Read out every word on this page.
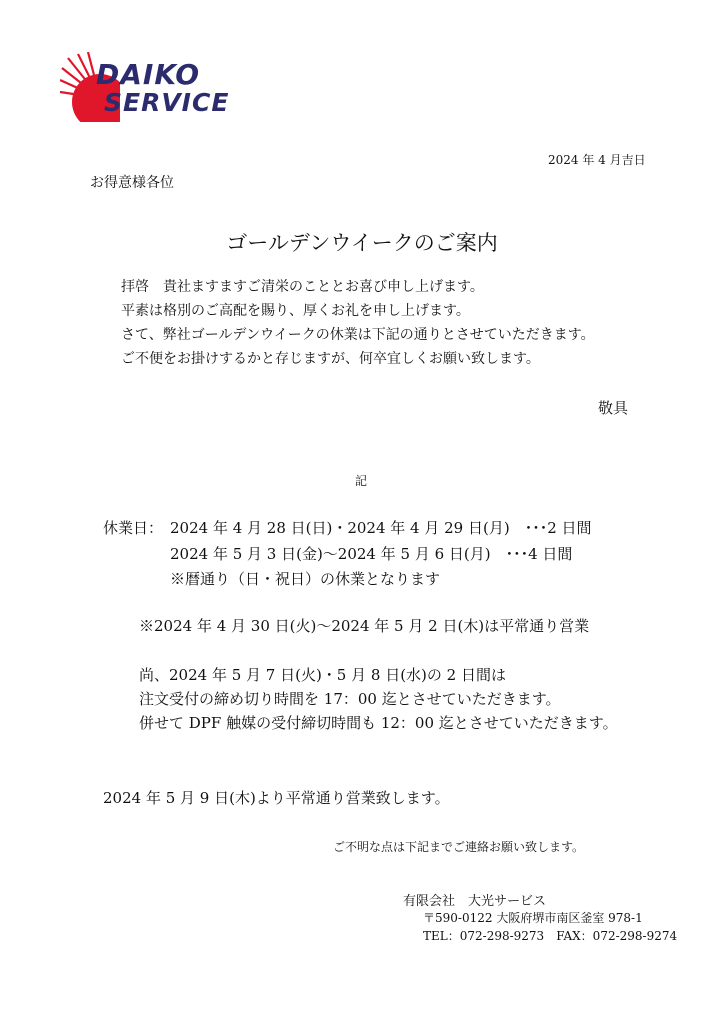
DAIKO
SERVICE
2024 年 4 月吉日
お得意様各位
ゴールデンウイークのご案内
拝啓　貴社ますますご清栄のこととお喜び申し上げます。
平素は格別のご高配を賜り、厚くお礼を申し上げます。
さて、弊社ゴールデンウイークの休業は下記の通りとさせていただきます。
ご不便をお掛けするかと存じますが、何卒宜しくお願い致します。
敬具
記
休業日： 2024 年 4 月 28 日(日)・2024 年 4 月 29 日(月)　･･･2 日間
2024 年 5 月 3 日(金)～2024 年 5 月 6 日(月)　･･･4 日間
※暦通り（日・祝日）の休業となります
※2024 年 4 月 30 日(火)～2024 年 5 月 2 日(木)は平常通り営業
尚、2024 年 5 月 7 日(火)・5 月 8 日(水)の 2 日間は
注文受付の締め切り時間を 17：00 迄とさせていただきます。
併せて DPF 触媒の受付締切時間も 12：00 迄とさせていただきます。
2024 年 5 月 9 日(木)より平常通り営業致します。
ご不明な点は下記までご連絡お願い致します。
有限会社　大光サービス
〒590-0122 大阪府堺市南区釜室 978-1
TEL：072-298-9273　FAX：072-298-9274
